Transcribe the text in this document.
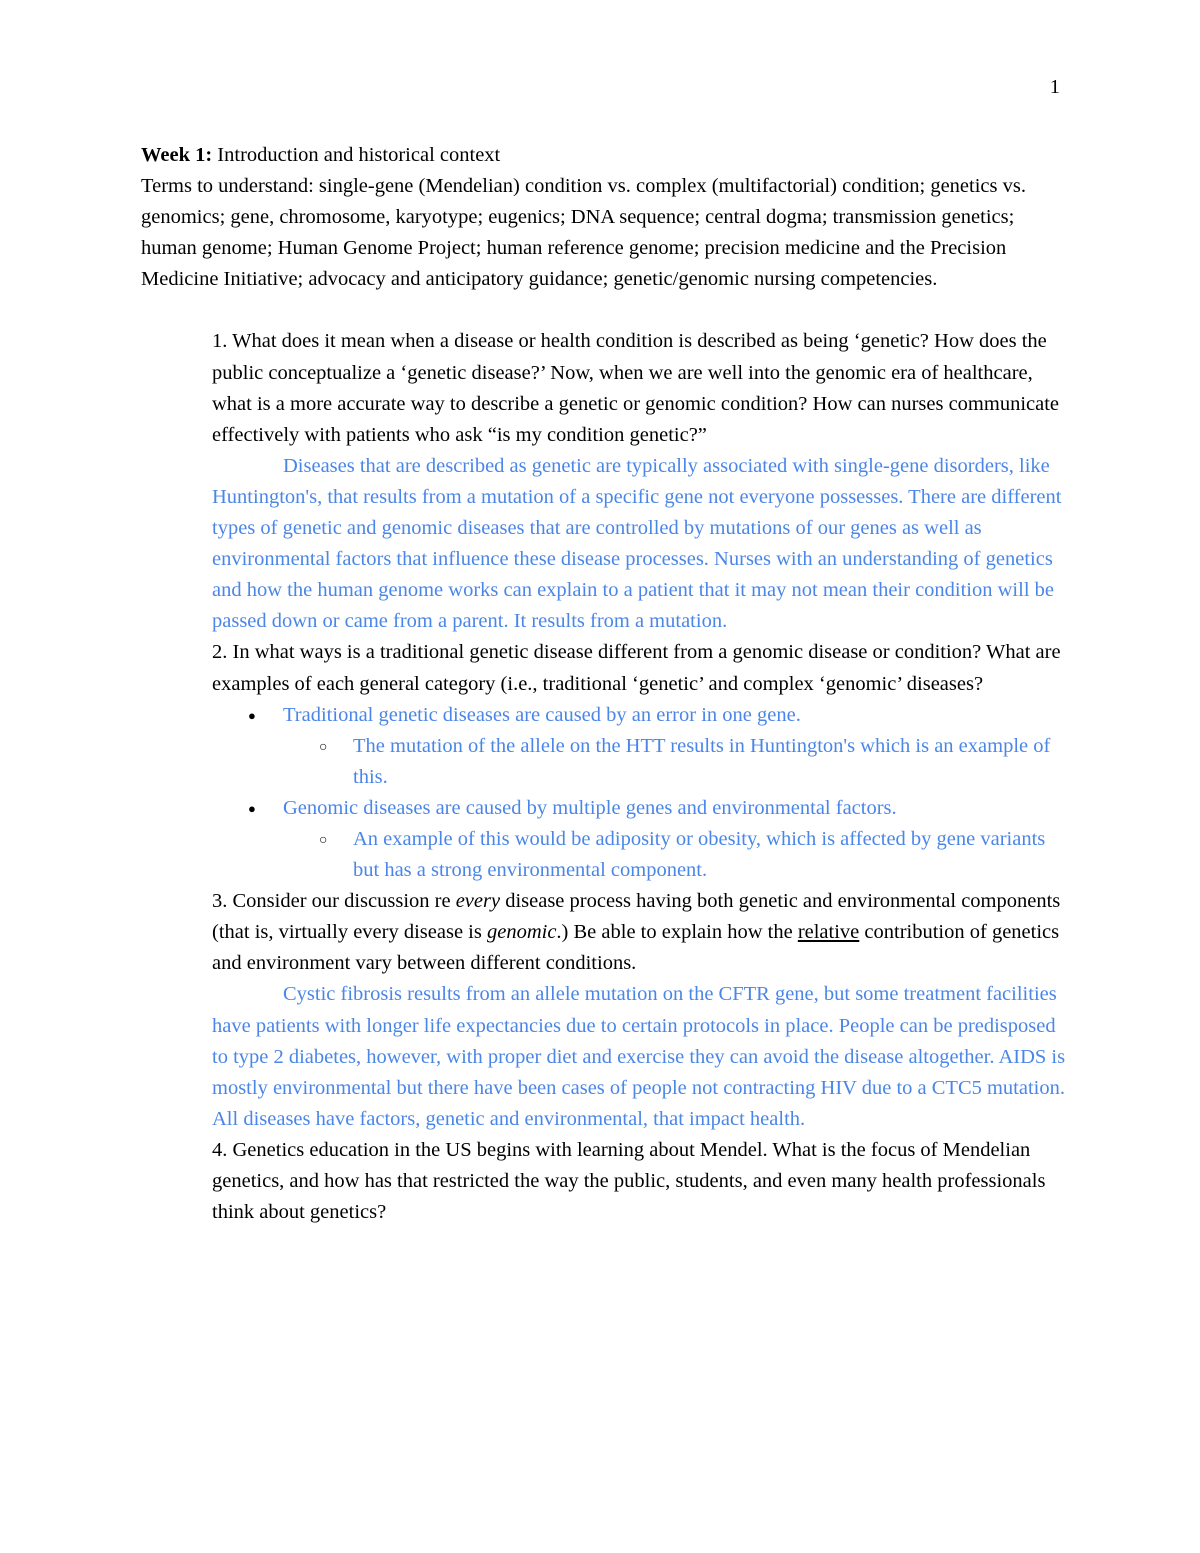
1

Week 1: Introduction and historical context

Terms to understand: single-gene (Mendelian) condition vs. complex (multifactorial) condition; genetics vs. genomics; gene, chromosome, karyotype; eugenics; DNA sequence; central dogma; transmission genetics; human genome; Human Genome Project; human reference genome; precision medicine and the Precision Medicine Initiative; advocacy and anticipatory guidance; genetic/genomic nursing competencies.

1. What does it mean when a disease or health condition is described as being ‘genetic? How does the public conceptualize a ‘genetic disease?’ Now, when we are well into the genomic era of healthcare, what is a more accurate way to describe a genetic or genomic condition? How can nurses communicate effectively with patients who ask “is my condition genetic?”

Diseases that are described as genetic are typically associated with single-gene disorders, like Huntington's, that results from a mutation of a specific gene not everyone possesses. There are different types of genetic and genomic diseases that are controlled by mutations of our genes as well as environmental factors that influence these disease processes. Nurses with an understanding of genetics and how the human genome works can explain to a patient that it may not mean their condition will be passed down or came from a parent. It results from a mutation.

2. In what ways is a traditional genetic disease different from a genomic disease or condition? What are examples of each general category (i.e., traditional ‘genetic’ and complex ‘genomic’ diseases?

● Traditional genetic diseases are caused by an error in one gene.
○ The mutation of the allele on the HTT results in Huntington's which is an example of this.
● Genomic diseases are caused by multiple genes and environmental factors.
○ An example of this would be adiposity or obesity, which is affected by gene variants but has a strong environmental component.

3. Consider our discussion re every disease process having both genetic and environmental components (that is, virtually every disease is genomic.) Be able to explain how the relative contribution of genetics and environment vary between different conditions.

Cystic fibrosis results from an allele mutation on the CFTR gene, but some treatment facilities have patients with longer life expectancies due to certain protocols in place. People can be predisposed to type 2 diabetes, however, with proper diet and exercise they can avoid the disease altogether. AIDS is mostly environmental but there have been cases of people not contracting HIV due to a CTC5 mutation. All diseases have factors, genetic and environmental, that impact health.

4. Genetics education in the US begins with learning about Mendel. What is the focus of Mendelian genetics, and how has that restricted the way the public, students, and even many health professionals think about genetics?
